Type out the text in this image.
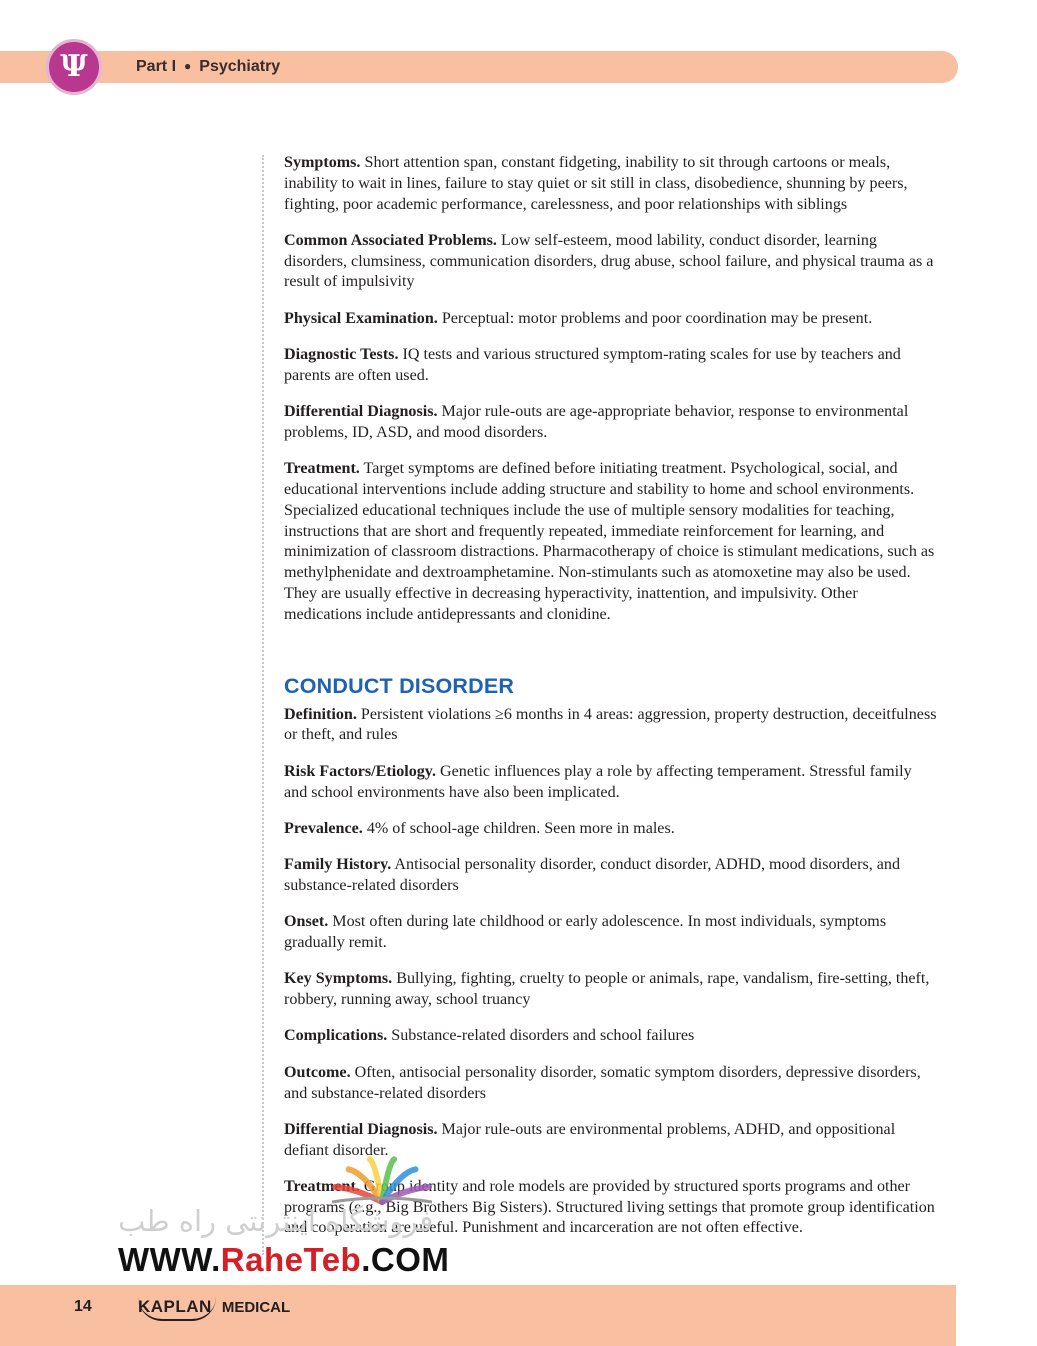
Ψ	Part I ● Psychiatry

Symptoms. Short attention span, constant fidgeting, inability to sit through cartoons or meals, inability to wait in lines, failure to stay quiet or sit still in class, disobedience, shunning by peers, fighting, poor academic performance, carelessness, and poor relationships with siblings

Common Associated Problems. Low self-esteem, mood lability, conduct disorder, learning disorders, clumsiness, communication disorders, drug abuse, school failure, and physical trauma as a result of impulsivity

Physical Examination. Perceptual: motor problems and poor coordination may be present.

Diagnostic Tests. IQ tests and various structured symptom-rating scales for use by teachers and parents are often used.

Differential Diagnosis. Major rule-outs are age-appropriate behavior, response to environmental problems, ID, ASD, and mood disorders.

Treatment. Target symptoms are defined before initiating treatment. Psychological, social, and educational interventions include adding structure and stability to home and school environments. Specialized educational techniques include the use of multiple sensory modalities for teaching, instructions that are short and frequently repeated, immediate reinforcement for learning, and minimization of classroom distractions. Pharmacotherapy of choice is stimulant medications, such as methylphenidate and dextroamphetamine. Non-stimulants such as atomoxetine may also be used. They are usually effective in decreasing hyperactivity, inattention, and impulsivity. Other medications include antidepressants and clonidine.

CONDUCT DISORDER

Definition. Persistent violations ≥6 months in 4 areas: aggression, property destruction, deceitfulness or theft, and rules

Risk Factors/Etiology. Genetic influences play a role by affecting temperament. Stressful family and school environments have also been implicated.

Prevalence. 4% of school-age children. Seen more in males.

Family History. Antisocial personality disorder, conduct disorder, ADHD, mood disorders, and substance-related disorders

Onset. Most often during late childhood or early adolescence. In most individuals, symptoms gradually remit.

Key Symptoms. Bullying, fighting, cruelty to people or animals, rape, vandalism, fire-setting, theft, robbery, running away, school truancy

Complications. Substance-related disorders and school failures

Outcome. Often, antisocial personality disorder, somatic symptom disorders, depressive disorders, and substance-related disorders

Differential Diagnosis. Major rule-outs are environmental problems, ADHD, and oppositional defiant disorder.

Treatment. Group identity and role models are provided by structured sports programs and other programs (e.g., Big Brothers Big Sisters). Structured living settings that promote group identification and cooperation are useful. Punishment and incarceration are not often effective.

14	KAPLAN MEDICAL
فروشگاه اینترنتی راه طب
WWW.RaheTeb.COM
